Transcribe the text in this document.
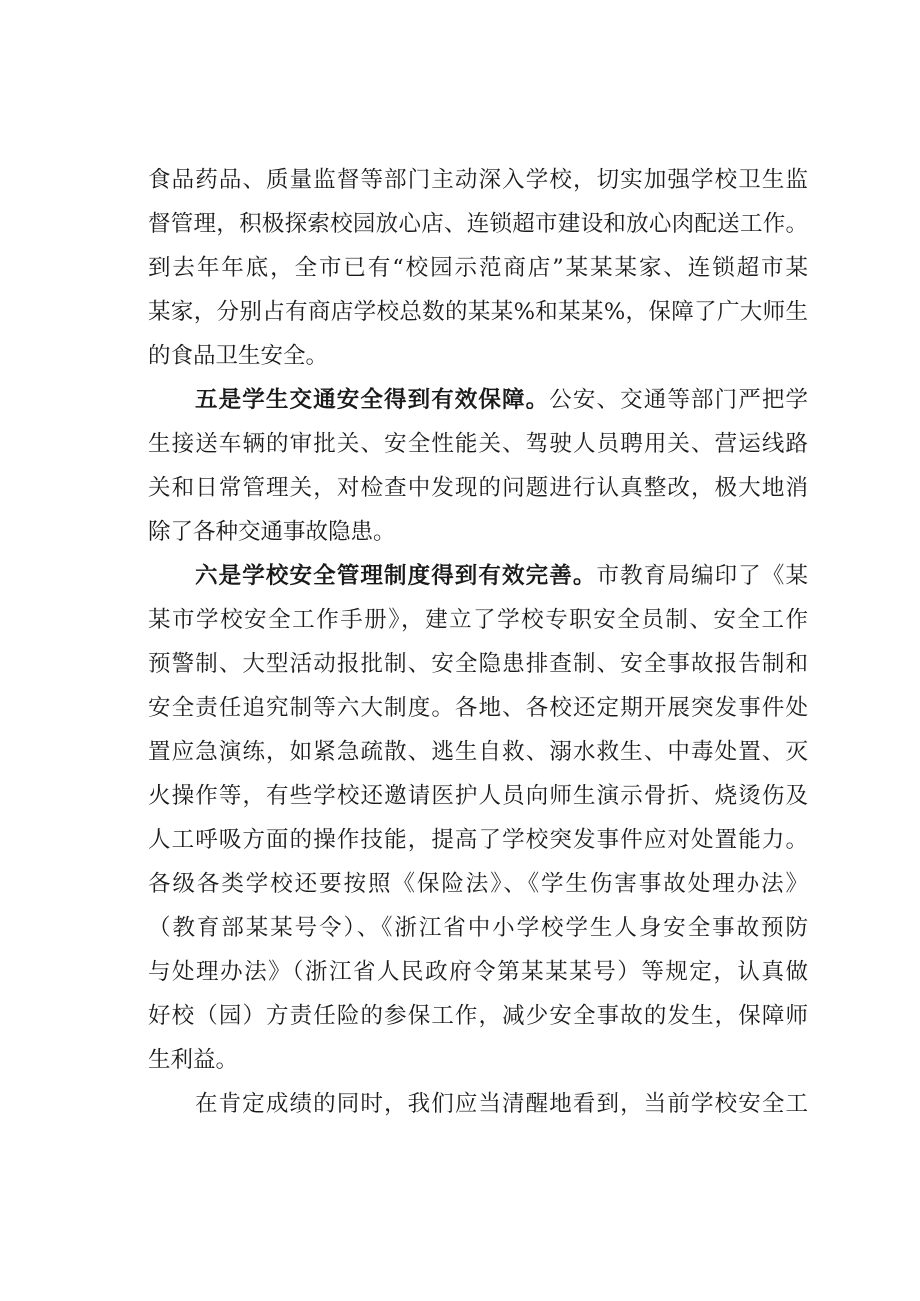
食品药品、质量监督等部门主动深入学校，切实加强学校卫生监
督管理，积极探索校园放心店、连锁超市建设和放心肉配送工作。
到去年年底，全市已有“校园示范商店”某某某家、连锁超市某
某家，分别占有商店学校总数的某某%和某某%，保障了广大师生
的食品卫生安全。
五是学生交通安全得到有效保障。公安、交通等部门严把学
生接送车辆的审批关、安全性能关、驾驶人员聘用关、营运线路
关和日常管理关，对检查中发现的问题进行认真整改，极大地消
除了各种交通事故隐患。
六是学校安全管理制度得到有效完善。市教育局编印了《某
某市学校安全工作手册》，建立了学校专职安全员制、安全工作
预警制、大型活动报批制、安全隐患排查制、安全事故报告制和
安全责任追究制等六大制度。各地、各校还定期开展突发事件处
置应急演练，如紧急疏散、逃生自救、溺水救生、中毒处置、灭
火操作等，有些学校还邀请医护人员向师生演示骨折、烧烫伤及
人工呼吸方面的操作技能，提高了学校突发事件应对处置能力。
各级各类学校还要按照《保险法》、《学生伤害事故处理办法》
（教育部某某号令）、《浙江省中小学校学生人身安全事故预防
与处理办法》（浙江省人民政府令第某某某号）等规定，认真做
好校（园）方责任险的参保工作，减少安全事故的发生，保障师
生利益。
在肯定成绩的同时，我们应当清醒地看到，当前学校安全工
